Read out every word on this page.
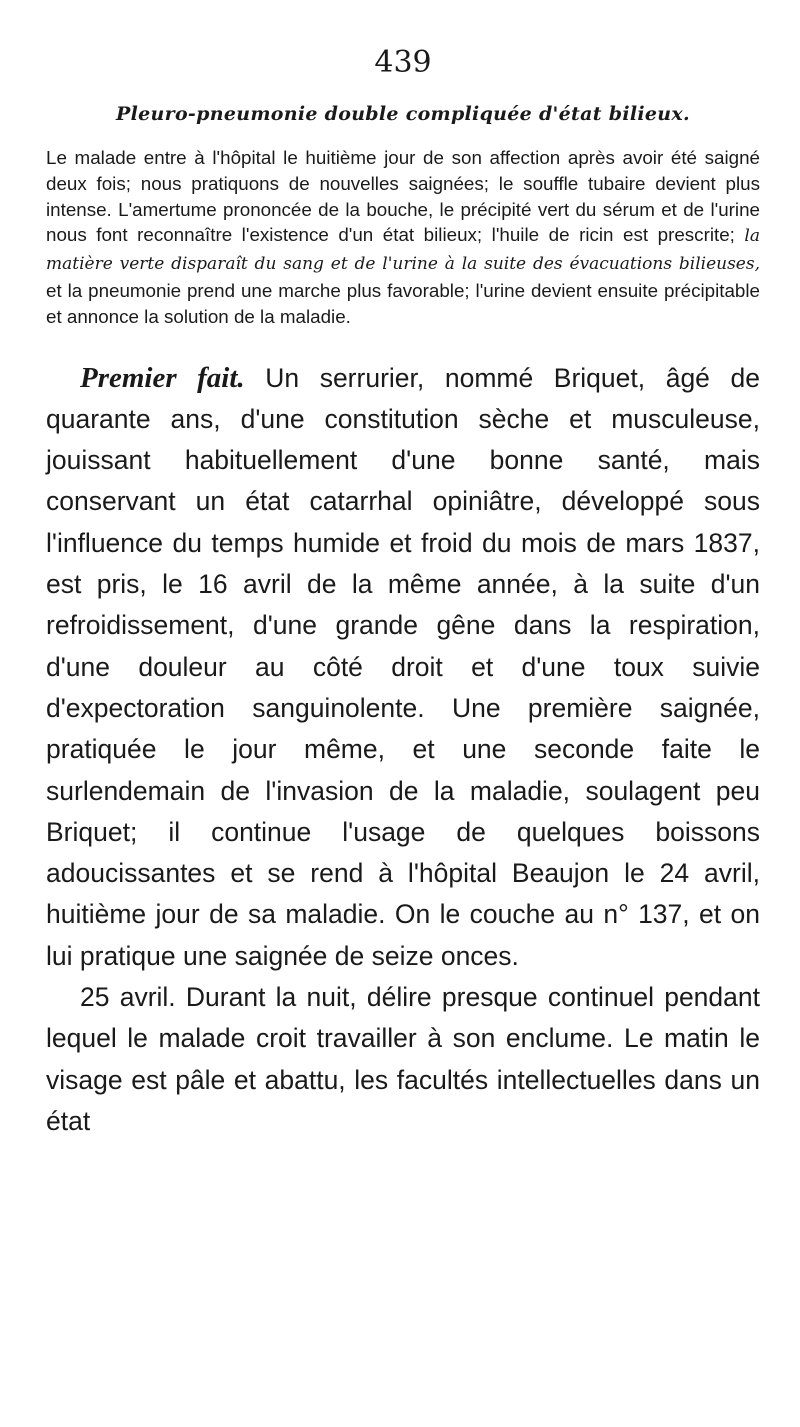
439
Pleuro-pneumonie double compliquée d'état bilieux.

Le malade entre à l'hôpital le huitième jour de son affection après avoir été saigné deux fois; nous pratiquons de nouvelles saignées; le souffle tubaire devient plus intense. L'amertume prononcée de la bouche, le précipité vert du sérum et de l'urine nous font reconnaître l'existence d'un état bilieux; l'huile de ricin est prescrite; la matière verte disparaît du sang et de l'urine à la suite des évacuations bilieuses, et la pneumonie prend une marche plus favorable; l'urine devient ensuite précipitable et annonce la solution de la maladie.

Premier fait. Un serrurier, nommé Briquet, âgé de quarante ans, d'une constitution sèche et musculeuse, jouissant habituellement d'une bonne santé, mais conservant un état catarrhal opiniâtre, développé sous l'influence du temps humide et froid du mois de mars 1837, est pris, le 16 avril de la même année, à la suite d'un refroidissement, d'une grande gêne dans la respiration, d'une douleur au côté droit et d'une toux suivie d'expectoration sanguinolente. Une première saignée, pratiquée le jour même, et une seconde faite le surlendemain de l'invasion de la maladie, soulagent peu Briquet; il continue l'usage de quelques boissons adoucissantes et se rend à l'hôpital Beaujon le 24 avril, huitième jour de sa maladie. On le couche au n° 137, et on lui pratique une saignée de seize onces.

25 avril. Durant la nuit, délire presque continuel pendant lequel le malade croit travailler à son enclume. Le matin le visage est pâle et abattu, les facultés intellectuelles dans un état
